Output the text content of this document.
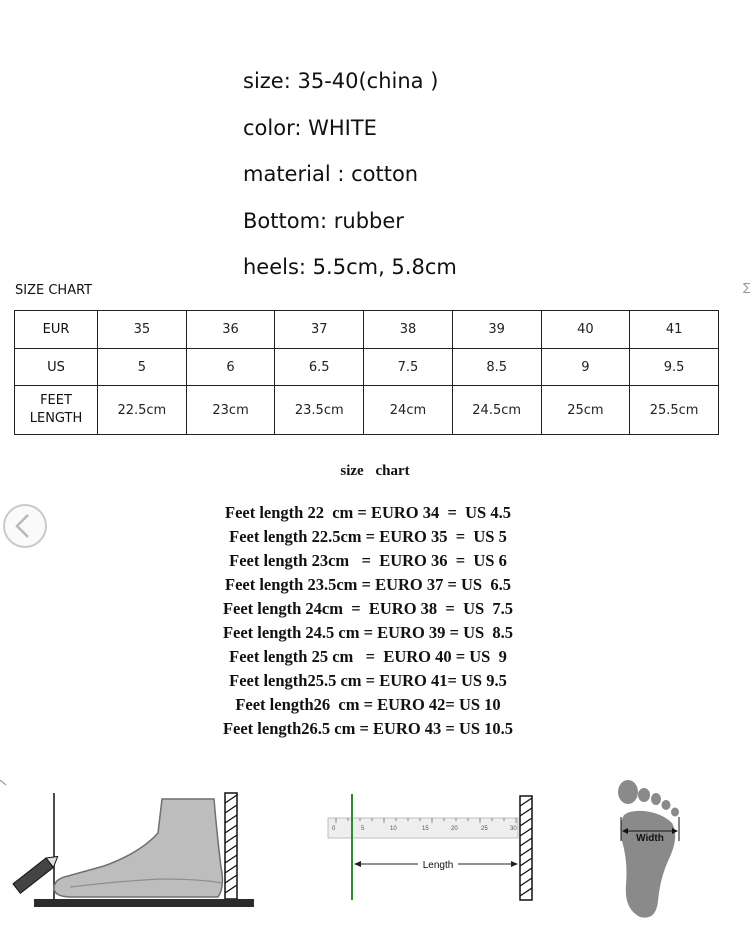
size: 35-40(china )
color: WHITE
material : cotton
Bottom: rubber
heels: 5.5cm, 5.8cm
SIZE CHART	∑
EUR	35	36	37	38	39	40	41
US	5	6	6.5	7.5	8.5	9	9.5
FEET
LENGTH	22.5cm	23cm	23.5cm	24cm	24.5cm	25cm	25.5cm
size chart
Feet length 22  cm = EURO 34  =  US 4.5
Feet length 22.5cm = EURO 35  =  US 5
Feet length 23cm   =  EURO 36  =  US 6
Feet length 23.5cm = EURO 37 = US  6.5
Feet length 24cm  =  EURO 38  =  US  7.5
Feet length 24.5 cm = EURO 39 = US  8.5
Feet length 25 cm   =  EURO 40 = US  9
Feet length25.5 cm = EURO 41= US 9.5
Feet length26  cm = EURO 42= US 10
Feet length26.5 cm = EURO 43 = US 10.5
0	5	10	15	20	25	30
Length
Width
